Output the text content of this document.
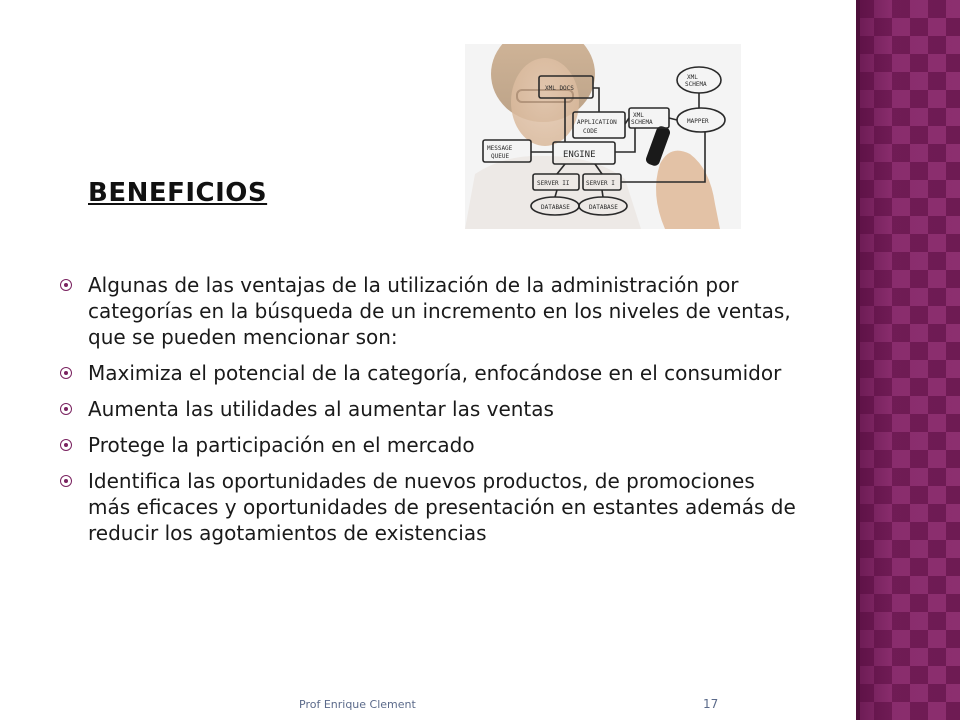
XML DOCS
APPLICATION
CODE
XML
SCHEMA
MAPPER
XML
SCHEMA
MESSAGE
QUEUE	ENGINE
SERVER II	SERVER I
DATABASE	DATABASE
BENEFICIOS
Algunas de las ventajas de la utilización de la administración por categorías en la búsqueda de un incremento en los niveles de ventas, que se pueden mencionar son:
Maximiza el potencial de la categoría, enfocándose en el consumidor
Aumenta las utilidades al aumentar las ventas
Protege la participación en el mercado
Identifica las oportunidades de nuevos productos, de promociones más eficaces y oportunidades de presentación en estantes además de reducir los agotamientos de existencias
Prof Enrique Clement	17
